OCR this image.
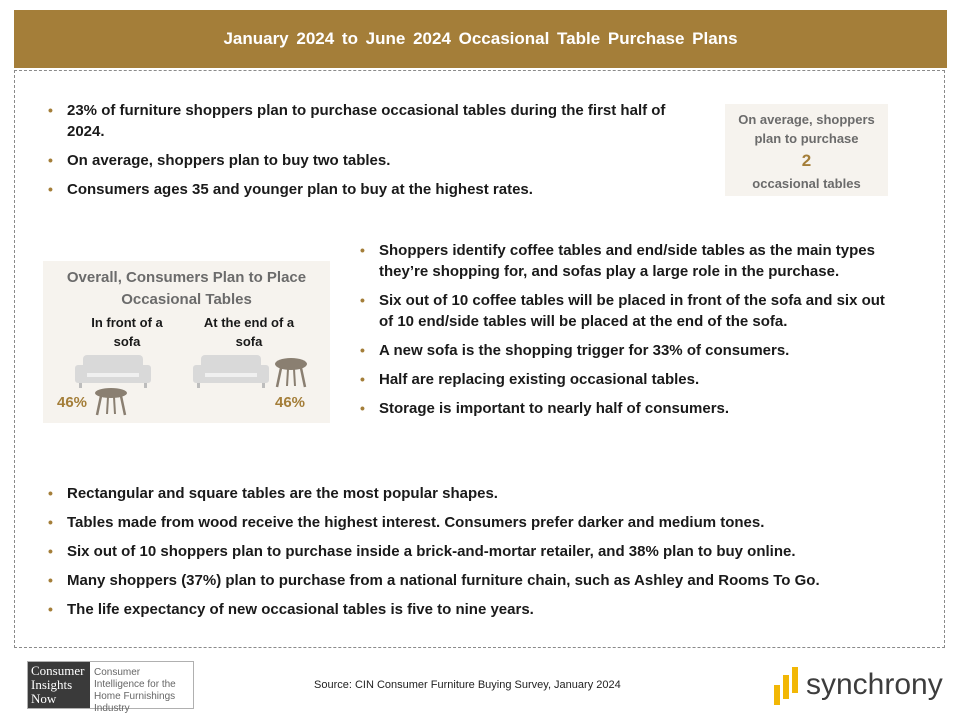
January 2024 to June 2024 Occasional Table Purchase Plans
• 23% of furniture shoppers plan to purchase occasional tables during the first half of 2024.
• On average, shoppers plan to buy two tables.
• Consumers ages 35 and younger plan to buy at the highest rates.
On average, shoppers plan to purchase
2
occasional tables
Overall, Consumers Plan to Place Occasional Tables
In front of a sofa
At the end of a sofa
46%	46%
• Shoppers identify coffee tables and end/side tables as the main types they’re shopping for, and sofas play a large role in the purchase.
• Six out of 10 coffee tables will be placed in front of the sofa and six out of 10 end/side tables will be placed at the end of the sofa.
• A new sofa is the shopping trigger for 33% of consumers.
• Half are replacing existing occasional tables.
• Storage is important to nearly half of consumers.
• Rectangular and square tables are the most popular shapes.
• Tables made from wood receive the highest interest. Consumers prefer darker and medium tones.
• Six out of 10 shoppers plan to purchase inside a brick-and-mortar retailer, and 38% plan to buy online.
• Many shoppers (37%) plan to purchase from a national furniture chain, such as Ashley and Rooms To Go.
• The life expectancy of new occasional tables is five to nine years.
Consumer
Insights
Now
Consumer Intelligence for the Home Furnishings Industry
Source: CIN Consumer Furniture Buying Survey, January 2024	synchrony
